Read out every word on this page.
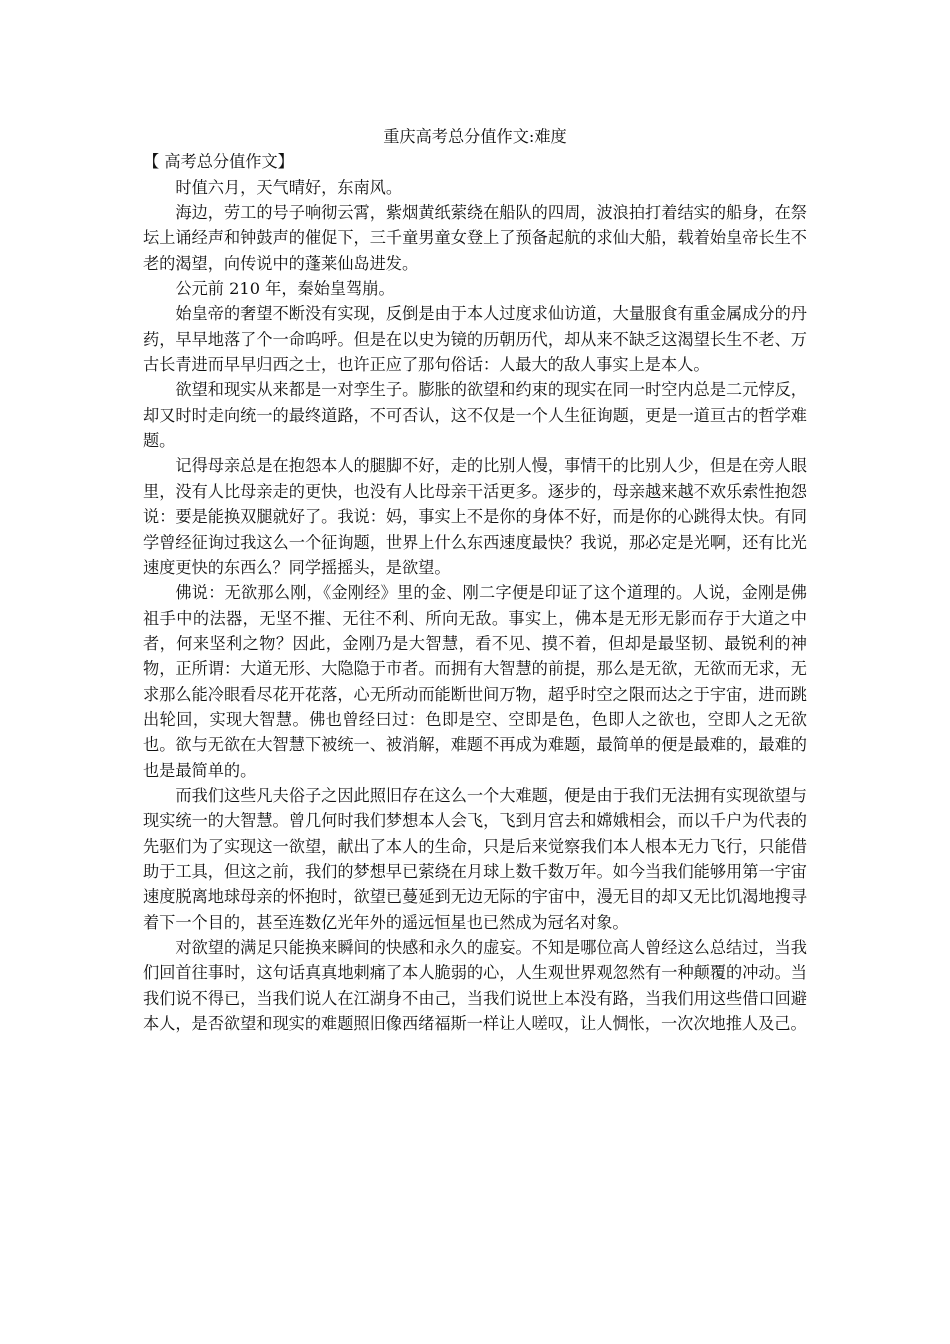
重庆高考总分值作文:难度
【 高考总分值作文】

时值六月，天气晴好，东南风。

海边，劳工的号子响彻云霄，紫烟黄纸萦绕在船队的四周，波浪拍打着结实的船身，在祭坛上诵经声和钟鼓声的催促下，三千童男童女登上了预备起航的求仙大船，载着始皇帝长生不老的渴望，向传说中的蓬莱仙岛进发。

公元前 210 年，秦始皇驾崩。

始皇帝的奢望不断没有实现，反倒是由于本人过度求仙访道，大量服食有重金属成分的丹药，早早地落了个一命呜呼。但是在以史为镜的历朝历代，却从来不缺乏这渴望长生不老、万古长青进而早早归西之士，也许正应了那句俗话：人最大的敌人事实上是本人。

欲望和现实从来都是一对孪生子。膨胀的欲望和约束的现实在同一时空内总是二元悖反，却又时时走向统一的最终道路，不可否认，这不仅是一个人生征询题，更是一道亘古的哲学难题。

记得母亲总是在抱怨本人的腿脚不好，走的比别人慢，事情干的比别人少，但是在旁人眼里，没有人比母亲走的更快，也没有人比母亲干活更多。逐步的，母亲越来越不欢乐索性抱怨说：要是能换双腿就好了。我说：妈，事实上不是你的身体不好，而是你的心跳得太快。有同学曾经征询过我这么一个征询题，世界上什么东西速度最快？我说，那必定是光啊，还有比光速度更快的东西么？同学摇摇头，是欲望。

佛说：无欲那么刚，《金刚经》里的金、刚二字便是印证了这个道理的。人说，金刚是佛祖手中的法器，无坚不摧、无往不利、所向无敌。事实上，佛本是无形无影而存于大道之中者，何来坚利之物？因此，金刚乃是大智慧，看不见、摸不着，但却是最坚韧、最锐利的神物，正所谓：大道无形、大隐隐于市者。而拥有大智慧的前提，那么是无欲，无欲而无求，无求那么能冷眼看尽花开花落，心无所动而能断世间万物，超乎时空之限而达之于宇宙，进而跳出轮回，实现大智慧。佛也曾经曰过：色即是空、空即是色，色即人之欲也，空即人之无欲也。欲与无欲在大智慧下被统一、被消解，难题不再成为难题，最简单的便是最难的，最难的也是最简单的。

而我们这些凡夫俗子之因此照旧存在这么一个大难题，便是由于我们无法拥有实现欲望与现实统一的大智慧。曾几何时我们梦想本人会飞，飞到月宫去和嫦娥相会，而以千户为代表的先驱们为了实现这一欲望，献出了本人的生命，只是后来觉察我们本人根本无力飞行，只能借助于工具，但这之前，我们的梦想早已萦绕在月球上数千数万年。如今当我们能够用第一宇宙速度脱离地球母亲的怀抱时，欲望已蔓延到无边无际的宇宙中，漫无目的却又无比饥渴地搜寻着下一个目的，甚至连数亿光年外的遥远恒星也已然成为冠名对象。

对欲望的满足只能换来瞬间的快感和永久的虚妄。不知是哪位高人曾经这么总结过，当我们回首往事时，这句话真真地刺痛了本人脆弱的心，人生观世界观忽然有一种颠覆的冲动。当我们说不得已，当我们说人在江湖身不由己，当我们说世上本没有路，当我们用这些借口回避本人，是否欲望和现实的难题照旧像西绪福斯一样让人嗟叹，让人惆怅，一次次地推人及己。
